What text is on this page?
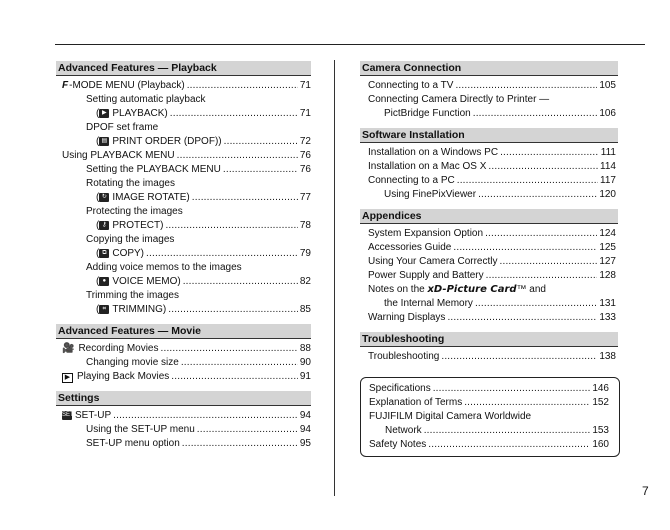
Advanced Features — Playback
F-MODE MENU (Playback) .....	71
Setting automatic playback
( ▶ PLAYBACK) .....	71
DPOF set frame
( ▤ PRINT ORDER (DPOF)) .....	72
Using PLAYBACK MENU .....	76
Setting the PLAYBACK MENU .....	76
Rotating the images
( ↻ IMAGE ROTATE) .....	77
Protecting the images
( ⚷ PROTECT) .....	78
Copying the images
( ⧉ COPY) .....	79
Adding voice memos to the images
( ● VOICE MEMO) .....	82
Trimming the images
( ⌗ TRIMMING) .....	85
Advanced Features — Movie
🎥 Recording Movies .....	88
Changing movie size .....	90
▶ Playing Back Movies .....	91
Settings
SETSET-UP .....	94
Using the SET-UP menu .....	94
SET-UP menu option .....	95
Camera Connection
Connecting to a TV .....	105
Connecting Camera Directly to Printer —
PictBridge Function .....	106
Software Installation
Installation on a Windows PC .....	111
Installation on a Mac OS X .....	114
Connecting to a PC .....	117
Using FinePixViewer .....	120
Appendices
System Expansion Option .....	124
Accessories Guide .....	125
Using Your Camera Correctly .....	127
Power Supply and Battery .....	128
Notes on the xD-Picture Card™ and
the Internal Memory .....	131
Warning Displays .....	133
Troubleshooting
Troubleshooting .....	138
Specifications .....	146
Explanation of Terms .....	152
FUJIFILM Digital Camera Worldwide
Network .....	153
Safety Notes .....	160
7
